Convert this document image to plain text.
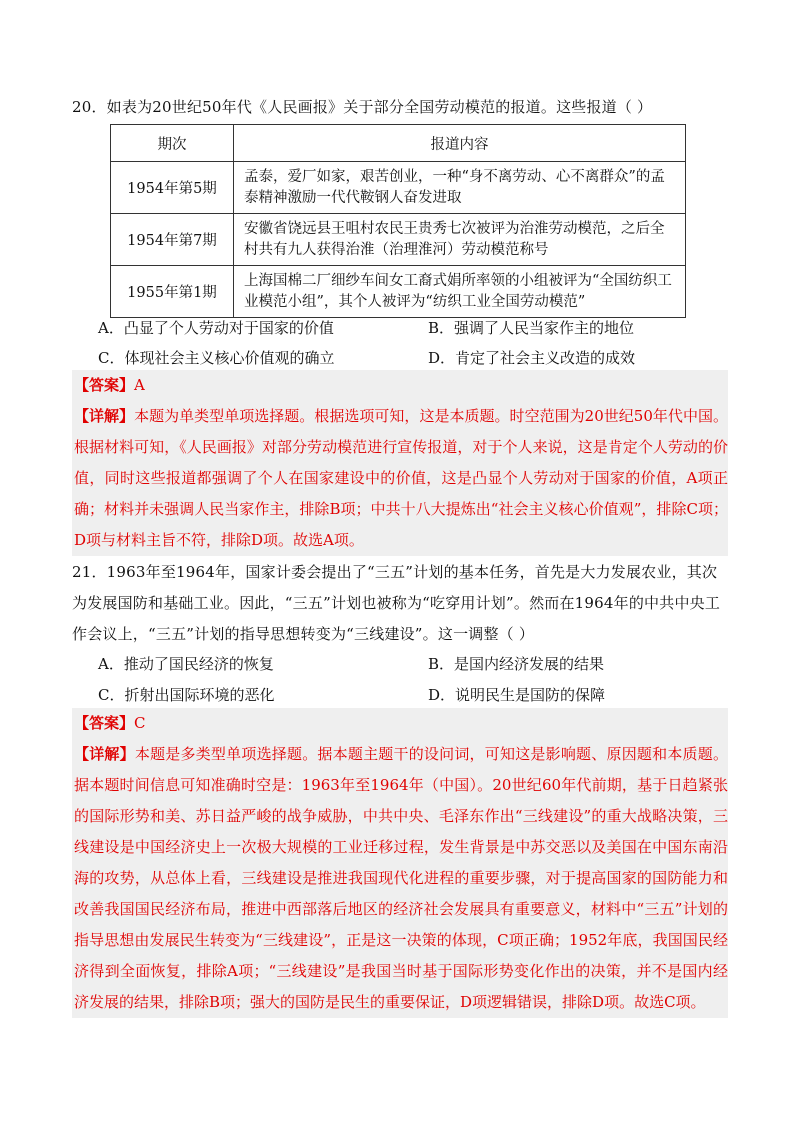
20．如表为20世纪50年代《人民画报》关于部分全国劳动模范的报道。这些报道（ ）
期次	报道内容
1954年第5期	孟泰，爱厂如家，艰苦创业，一种“身不离劳动、心不离群众”的孟泰精神激励一代代鞍钢人奋发进取
1954年第7期	安徽省饶远县王咀村农民王贵秀七次被评为治淮劳动模范，之后全村共有九人获得治淮（治理淮河）劳动模范称号
1955年第1期	上海国棉二厂细纱车间女工裔式娟所率领的小组被评为“全国纺织工业模范小组”，其个人被评为“纺织工业全国劳动模范”
A．凸显了个人劳动对于国家的价值	B．强调了人民当家作主的地位
C．体现社会主义核心价值观的确立	D．肯定了社会主义改造的成效
【答案】A
【详解】本题为单类型单项选择题。根据选项可知，这是本质题。时空范围为20世纪50年代中国。根据材料可知，《人民画报》对部分劳动模范进行宣传报道，对于个人来说，这是肯定个人劳动的价值，同时这些报道都强调了个人在国家建设中的价值，这是凸显个人劳动对于国家的价值，A项正确；材料并未强调人民当家作主，排除B项；中共十八大提炼出“社会主义核心价值观”，排除C项；D项与材料主旨不符，排除D项。故选A项。
21．1963年至1964年，国家计委会提出了“三五”计划的基本任务，首先是大力发展农业，其次为发展国防和基础工业。因此，“三五”计划也被称为“吃穿用计划”。然而在1964年的中共中央工作会议上，“三五”计划的指导思想转变为“三线建设”。这一调整（ ）
A．推动了国民经济的恢复	B．是国内经济发展的结果
C．折射出国际环境的恶化	D．说明民生是国防的保障
【答案】C
【详解】本题是多类型单项选择题。据本题主题干的设问词，可知这是影响题、原因题和本质题。据本题时间信息可知准确时空是：1963年至1964年（中国）。20世纪60年代前期，基于日趋紧张的国际形势和美、苏日益严峻的战争威胁，中共中央、毛泽东作出“三线建设”的重大战略决策，三线建设是中国经济史上一次极大规模的工业迁移过程，发生背景是中苏交恶以及美国在中国东南沿海的攻势，从总体上看，三线建设是推进我国现代化进程的重要步骤，对于提高国家的国防能力和改善我国国民经济布局，推进中西部落后地区的经济社会发展具有重要意义，材料中“三五”计划的指导思想由发展民生转变为“三线建设”，正是这一决策的体现，C项正确；1952年底，我国国民经济得到全面恢复，排除A项；“三线建设”是我国当时基于国际形势变化作出的决策，并不是国内经济发展的结果，排除B项；强大的国防是民生的重要保证，D项逻辑错误，排除D项。故选C项。
